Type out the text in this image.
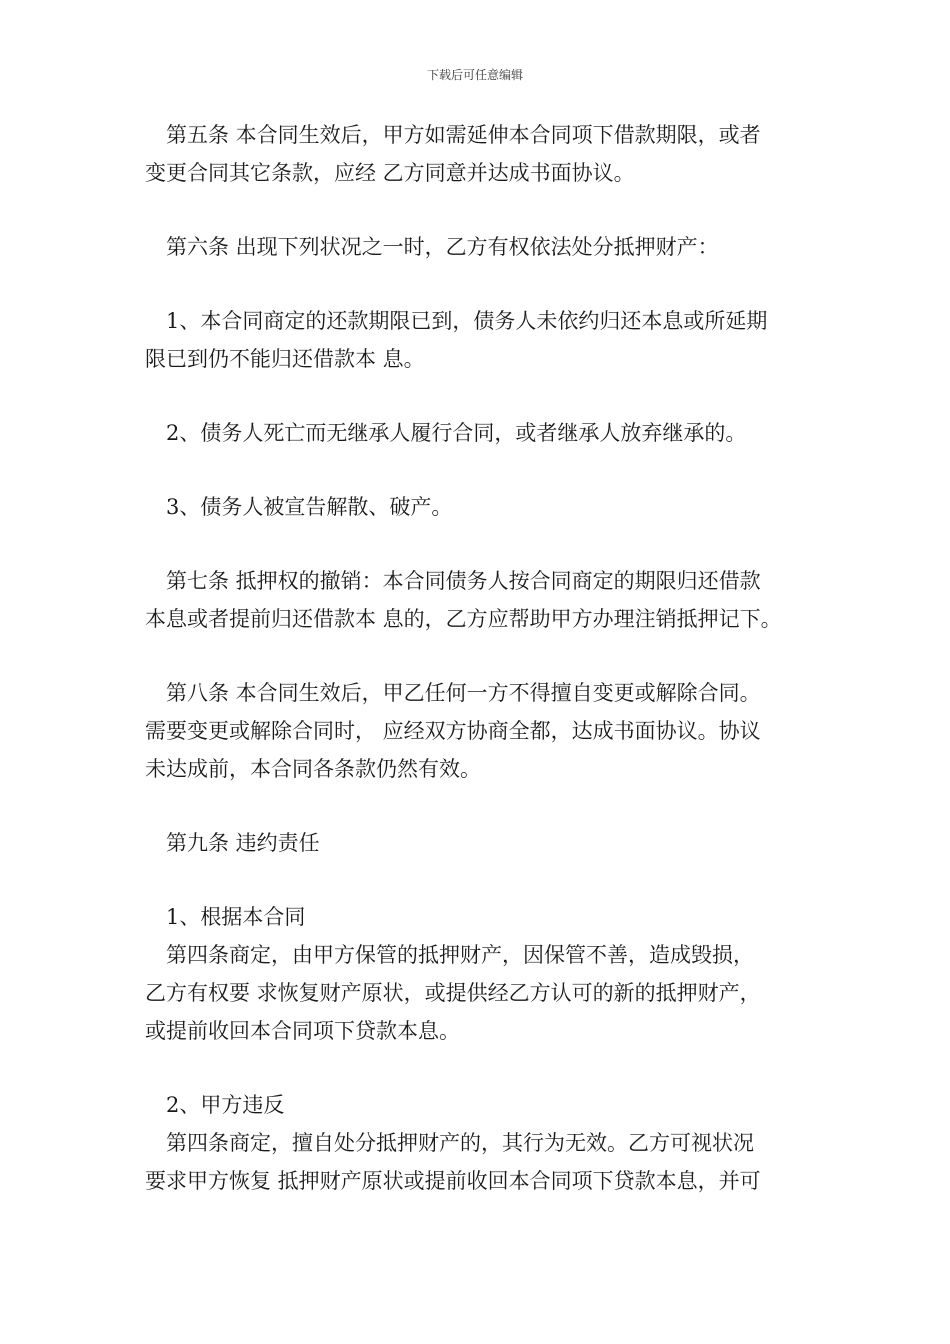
下载后可任意编辑

第五条 本合同生效后，甲方如需延伸本合同项下借款期限，或者
变更合同其它条款，应经 乙方同意并达成书面协议。

第六条 出现下列状况之一时，乙方有权依法处分抵押财产：

1、本合同商定的还款期限已到，债务人未依约归还本息或所延期
限已到仍不能归还借款本 息。

2、债务人死亡而无继承人履行合同，或者继承人放弃继承的。

3、债务人被宣告解散、破产。

第七条 抵押权的撤销：本合同债务人按合同商定的期限归还借款
本息或者提前归还借款本 息的，乙方应帮助甲方办理注销抵押记下。

第八条 本合同生效后，甲乙任何一方不得擅自变更或解除合同。
需要变更或解除合同时， 应经双方协商全都，达成书面协议。协议
未达成前，本合同各条款仍然有效。

第九条 违约责任

1、根据本合同

第四条商定，由甲方保管的抵押财产，因保管不善，造成毁损，
乙方有权要 求恢复财产原状，或提供经乙方认可的新的抵押财产，
或提前收回本合同项下贷款本息。

2、甲方违反

第四条商定，擅自处分抵押财产的，其行为无效。乙方可视状况
要求甲方恢复 抵押财产原状或提前收回本合同项下贷款本息，并可
